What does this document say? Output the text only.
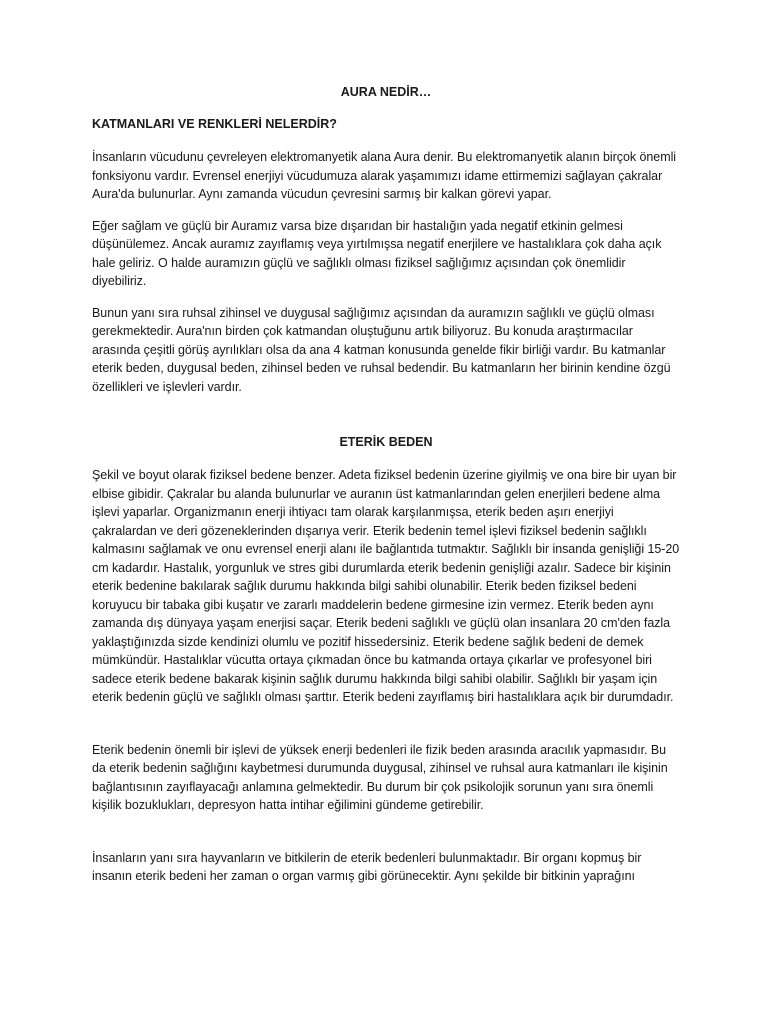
AURA NEDİR…
KATMANLARI VE RENKLERİ NELERDİR?

İnsanların vücudunu çevreleyen elektromanyetik alana Aura denir. Bu elektromanyetik alanın birçok önemli fonksiyonu vardır. Evrensel enerjiyi vücudumuza alarak yaşamımızı idame ettirmemizi sağlayan çakralar Aura'da bulunurlar. Aynı zamanda vücudun çevresini sarmış bir kalkan görevi yapar.

Eğer sağlam ve güçlü bir Auramız varsa bize dışarıdan bir hastalığın yada negatif etkinin gelmesi düşünülemez. Ancak auramız zayıflamış veya yırtılmışsa negatif enerjilere ve hastalıklara çok daha açık hale geliriz. O halde auramızın güçlü ve sağlıklı olması fiziksel sağlığımız açısından çok önemlidir diyebiliriz.

Bunun yanı sıra ruhsal zihinsel ve duygusal sağlığımız açısından da auramızın sağlıklı ve güçlü olması gerekmektedir. Aura'nın birden çok katmandan oluştuğunu artık biliyoruz. Bu konuda araştırmacılar arasında çeşitli görüş ayrılıkları olsa da ana 4 katman konusunda genelde fikir birliği vardır. Bu katmanlar eterik beden, duygusal beden, zihinsel beden ve ruhsal bedendir. Bu katmanların her birinin kendine özgü özellikleri ve işlevleri vardır.

ETERİK BEDEN

Şekil ve boyut olarak fiziksel bedene benzer. Adeta fiziksel bedenin üzerine giyilmiş ve ona bire bir uyan bir elbise gibidir. Çakralar bu alanda bulunurlar ve auranın üst katmanlarından gelen enerjileri bedene alma işlevi yaparlar. Organizmanın enerji ihtiyacı tam olarak karşılanmışsa, eterik beden aşırı enerjiyi çakralardan ve deri gözeneklerinden dışarıya verir. Eterik bedenin temel işlevi fiziksel bedenin sağlıklı kalmasını sağlamak ve onu evrensel enerji alanı ile bağlantıda tutmaktır. Sağlıklı bir insanda genişliği 15-20 cm kadardır. Hastalık, yorgunluk ve stres gibi durumlarda eterik bedenin genişliği azalır. Sadece bir kişinin eterik bedenine bakılarak sağlık durumu hakkında bilgi sahibi olunabilir. Eterik beden fiziksel bedeni koruyucu bir tabaka gibi kuşatır ve zararlı maddelerin bedene girmesine izin vermez. Eterik beden aynı zamanda dış dünyaya yaşam enerjisi saçar. Eterik bedeni sağlıklı ve güçlü olan insanlara 20 cm'den fazla yaklaştığınızda sizde kendinizi olumlu ve pozitif hissedersiniz. Eterik bedene sağlık bedeni de demek mümkündür. Hastalıklar vücutta ortaya çıkmadan önce bu katmanda ortaya çıkarlar ve profesyonel biri sadece eterik bedene bakarak kişinin sağlık durumu hakkında bilgi sahibi olabilir. Sağlıklı bir yaşam için eterik bedenin güçlü ve sağlıklı olması şarttır. Eterik bedeni zayıflamış biri hastalıklara açık bir durumdadır.

Eterik bedenin önemli bir işlevi de yüksek enerji bedenleri ile fizik beden arasında aracılık yapmasıdır. Bu da eterik bedenin sağlığını kaybetmesi durumunda duygusal, zihinsel ve ruhsal aura katmanları ile kişinin bağlantısının zayıflayacağı anlamına gelmektedir. Bu durum bir çok psikolojik sorunun yanı sıra önemli kişilik bozuklukları, depresyon hatta intihar eğilimini gündeme getirebilir.

İnsanların yanı sıra hayvanların ve bitkilerin de eterik bedenleri bulunmaktadır. Bir organı kopmuş bir insanın eterik bedeni her zaman o organ varmış gibi görünecektir. Aynı şekilde bir bitkinin yaprağını
